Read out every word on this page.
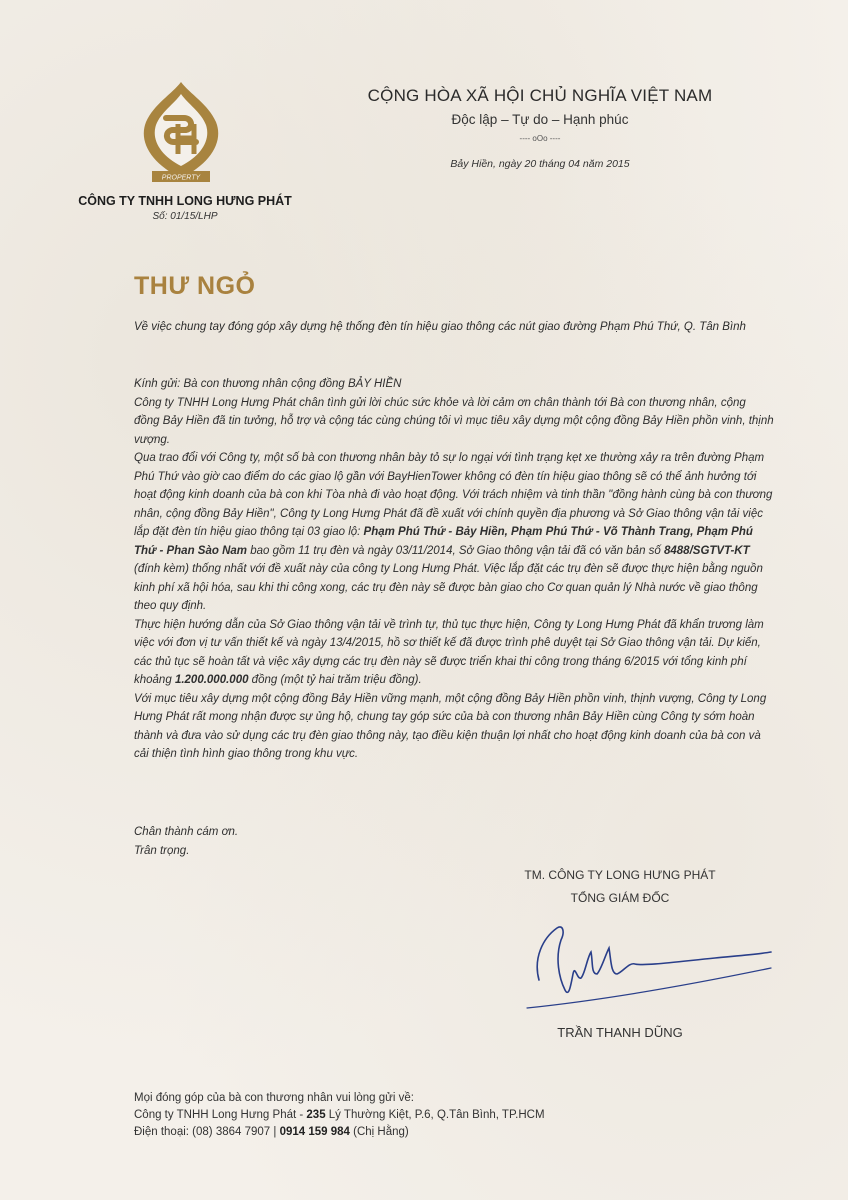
PROPERTY
CÔNG TY TNHH LONG HƯNG PHÁT
Số: 01/15/LHP
CỘNG HÒA XÃ HỘI CHỦ NGHĨA VIỆT NAM
Độc lập – Tự do – Hạnh phúc
---- oOo ----
Bảy Hiền, ngày 20 tháng 04 năm 2015
THƯ NGỎ
Về việc chung tay đóng góp xây dựng hệ thống đèn tín hiệu giao thông các nút giao đường Phạm Phú Thứ, Q. Tân Bình

Kính gửi: Bà con thương nhân cộng đồng BẢY HIỀN

Công ty TNHH Long Hưng Phát chân tình gửi lời chúc sức khỏe và lời cảm ơn chân thành tới Bà con thương nhân, cộng đồng Bảy Hiền đã tin tưởng, hỗ trợ và cộng tác cùng chúng tôi vì mục tiêu xây dựng một cộng đồng Bảy Hiền phồn vinh, thịnh vượng.

Qua trao đổi với Công ty, một số bà con thương nhân bày tỏ sự lo ngại với tình trạng kẹt xe thường xảy ra trên đường Phạm Phú Thứ vào giờ cao điểm do các giao lộ gần với BayHienTower không có đèn tín hiệu giao thông sẽ có thể ảnh hưởng tới hoạt động kinh doanh của bà con khi Tòa nhà đi vào hoạt động. Với trách nhiệm và tinh thần "đồng hành cùng bà con thương nhân, cộng đồng Bảy Hiền", Công ty Long Hưng Phát đã đề xuất với chính quyền địa phương và Sở Giao thông vận tải việc lắp đặt đèn tín hiệu giao thông tại 03 giao lộ: Phạm Phú Thứ - Bảy Hiền, Phạm Phú Thứ - Võ Thành Trang, Phạm Phú Thứ - Phan Sào Nam bao gồm 11 trụ đèn và ngày 03/11/2014, Sở Giao thông vận tải đã có văn bản số 8488/SGTVT-KT (đính kèm) thống nhất với đề xuất này của công ty Long Hưng Phát. Việc lắp đặt các trụ đèn sẽ được thực hiện bằng nguồn kinh phí xã hội hóa, sau khi thi công xong, các trụ đèn này sẽ được bàn giao cho Cơ quan quản lý Nhà nước về giao thông theo quy định.

Thực hiện hướng dẫn của Sở Giao thông vận tải về trình tự, thủ tục thực hiện, Công ty Long Hưng Phát đã khẩn trương làm việc với đơn vị tư vấn thiết kế và ngày 13/4/2015, hồ sơ thiết kế đã được trình phê duyệt tại Sở Giao thông vận tải. Dự kiến, các thủ tục sẽ hoàn tất và việc xây dựng các trụ đèn này sẽ được triển khai thi công trong tháng 6/2015 với tổng kinh phí khoảng 1.200.000.000 đồng (một tỷ hai trăm triệu đồng).

Với mục tiêu xây dựng một cộng đồng Bảy Hiền vững mạnh, một cộng đồng Bảy Hiền phồn vinh, thịnh vượng, Công ty Long Hưng Phát rất mong nhận được sự ủng hộ, chung tay góp sức của bà con thương nhân Bảy Hiền cùng Công ty sớm hoàn thành và đưa vào sử dụng các trụ đèn giao thông này, tạo điều kiện thuận lợi nhất cho hoạt động kinh doanh của bà con và cải thiện tình hình giao thông trong khu vực.

Chân thành cám ơn.

Trân trọng.

TM. CÔNG TY LONG HƯNG PHÁT
TỔNG GIÁM ĐỐC
TRẦN THANH DŨNG

Mọi đóng góp của bà con thương nhân vui lòng gửi về:

Công ty TNHH Long Hưng Phát - 235 Lý Thường Kiệt, P.6, Q.Tân Bình, TP.HCM

Điện thoại: (08) 3864 7907 | 0914 159 984 (Chị Hằng)
